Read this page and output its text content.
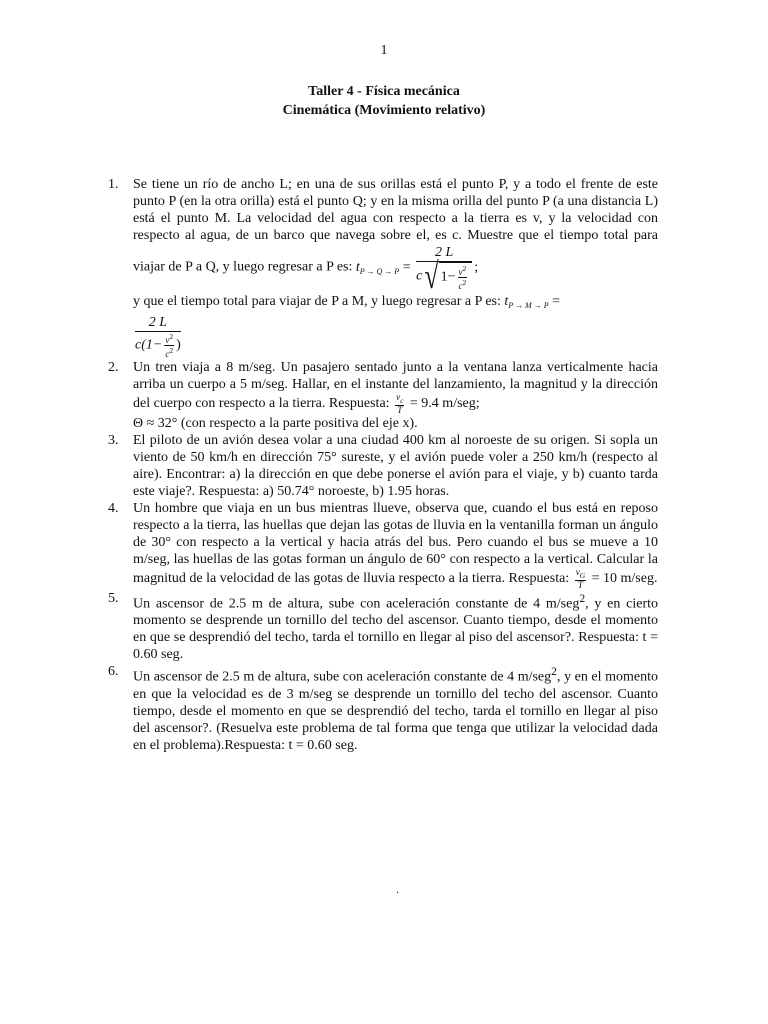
1
Taller 4 - Física mecánica
Cinemática (Movimiento relativo)
1. Se tiene un río de ancho L; en una de sus orillas está el punto P, y a todo el frente de este punto P (en la otra orilla) está el punto Q; y en la misma orilla del punto P (a una distancia L) está el punto M. La velocidad del agua con respecto a la tierra es v, y la velocidad con respecto al agua, de un barco que navega sobre el, es c. Muestre que el tiempo total para viajar de P a Q, y luego regresar a P es: $t_{P \to Q \to P} = \frac{2 L}{c√ 1- \frac{v^2}{c^2}}$ ;
y que el tiempo total para viajar de P a M, y luego regresar a P es: $t_{P \to M \to P}$ =
$\frac{2 L}{c(1- \frac{v^2}{c^2} )}$
2. Un tren viaja a 8 m/seg. Un pasajero sentado junto a la ventana lanza verticalmente hacia arriba un cuerpo a 5 m/seg. Hallar, en el instante del lanzamiento, la magnitud y la dirección del cuerpo con respecto a la tierra. Respuesta: $\frac{v_c}{T} = 9.4$ m/seg;
Θ ≈ 32° (con respecto a la parte positiva del eje x).
3. El piloto de un avión desea volar a una ciudad 400 km al noroeste de su origen. Si sopla un viento de 50 km/h en dirección 75° sureste, y el avión puede voler a 250 km/h (respecto al aire). Encontrar: a) la dirección en que debe ponerse el avión para el viaje, y b) cuanto tarda este viaje?. Respuesta: a) 50.74° noroeste, b) 1.95 horas.
4. Un hombre que viaja en un bus mientras llueve, observa que, cuando el bus está en reposo respecto a la tierra, las huellas que dejan las gotas de lluvia en la ventanilla forman un ángulo de 30° con respecto a la vertical y hacia atrás del bus. Pero cuando el bus se mueve a 10 m/seg, las huellas de las gotas forman un ángulo de 60° con respecto a la vertical. Calcular la magnitud de la velocidad de las gotas de lluvia respecto a la tierra. Respuesta: $\frac{v_G}{T} = 10$ m/seg.
5. Un ascensor de 2.5 m de altura, sube con aceleración constante de 4 m/seg$^2$, y en cierto momento se desprende un tornillo del techo del ascensor. Cuanto tiempo, desde el momento en que se desprendió del techo, tarda el tornillo en llegar al piso del ascensor?. Respuesta: t = 0.60 seg.
6. Un ascensor de 2.5 m de altura, sube con aceleración constante de 4 m/seg$^2$, y en el momento en que la velocidad es de 3 m/seg se desprende un tornillo del techo del ascensor. Cuanto tiempo, desde el momento en que se desprendió del techo, tarda el tornillo en llegar al piso del ascensor?. (Resuelva este problema de tal forma que tenga que utilizar la velocidad dada en el problema).Respuesta: t = 0.60 seg.
.
